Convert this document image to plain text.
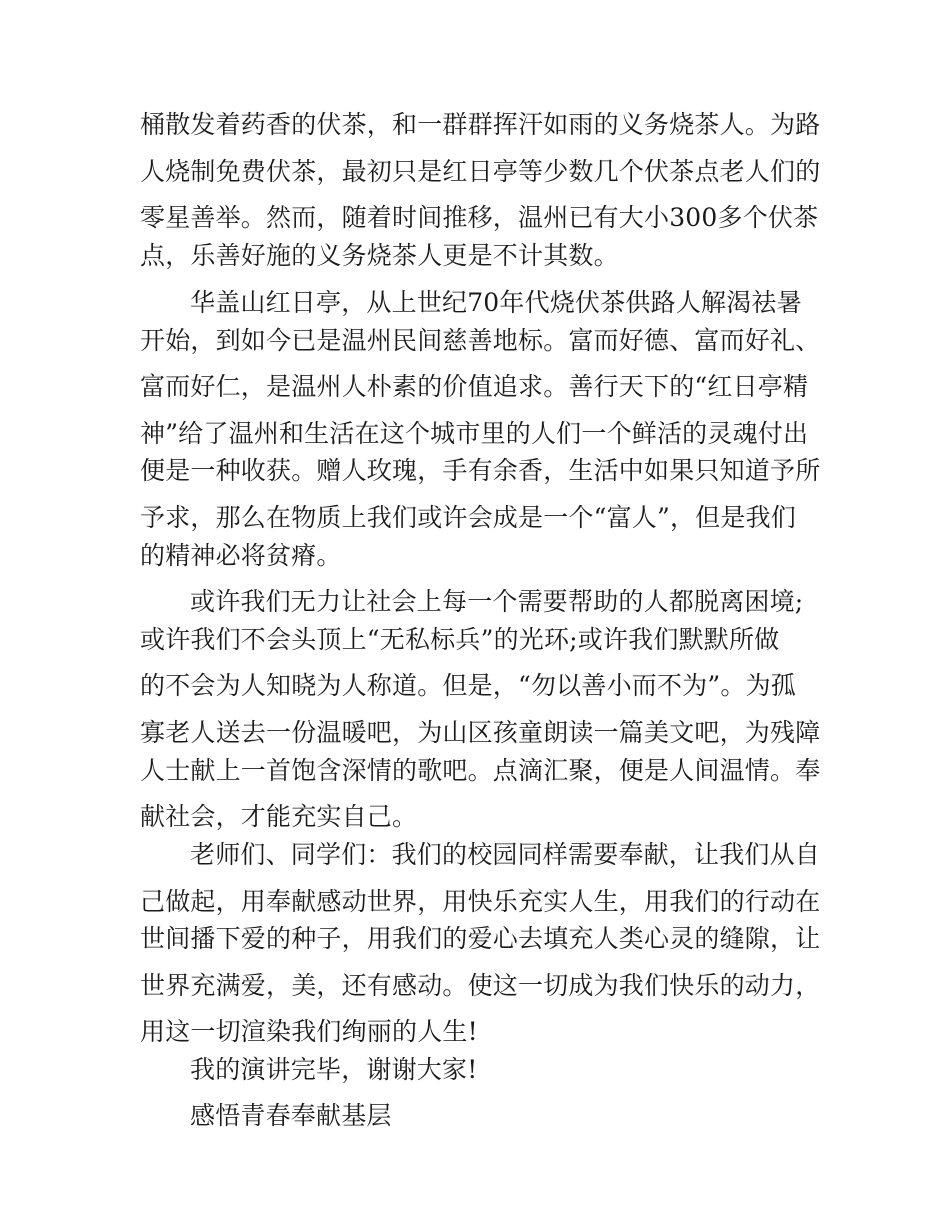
桶散发着药香的伏茶，和一群群挥汗如雨的义务烧茶人。为路
人烧制免费伏茶，最初只是红日亭等少数几个伏茶点老人们的
零星善举。然而，随着时间推移，温州已有大小300多个伏茶
点，乐善好施的义务烧茶人更是不计其数。
华盖山红日亭，从上世纪70年代烧伏茶供路人解渴祛暑
开始，到如今已是温州民间慈善地标。富而好德、富而好礼、
富而好仁，是温州人朴素的价值追求。善行天下的“红日亭精
神”给了温州和生活在这个城市里的人们一个鲜活的灵魂付出
便是一种收获。赠人玫瑰，手有余香，生活中如果只知道予所
予求，那么在物质上我们或许会成是一个“富人”，但是我们
的精神必将贫瘠。
或许我们无力让社会上每一个需要帮助的人都脱离困境;
或许我们不会头顶上“无私标兵”的光环;或许我们默默所做
的不会为人知晓为人称道。但是，“勿以善小而不为”。为孤
寡老人送去一份温暖吧，为山区孩童朗读一篇美文吧，为残障
人士献上一首饱含深情的歌吧。点滴汇聚，便是人间温情。奉
献社会，才能充实自己。
老师们、同学们：我们的校园同样需要奉献，让我们从自
己做起，用奉献感动世界，用快乐充实人生，用我们的行动在
世间播下爱的种子，用我们的爱心去填充人类心灵的缝隙，让
世界充满爱，美，还有感动。使这一切成为我们快乐的动力，
用这一切渲染我们绚丽的人生!
我的演讲完毕，谢谢大家!
感悟青春奉献基层
